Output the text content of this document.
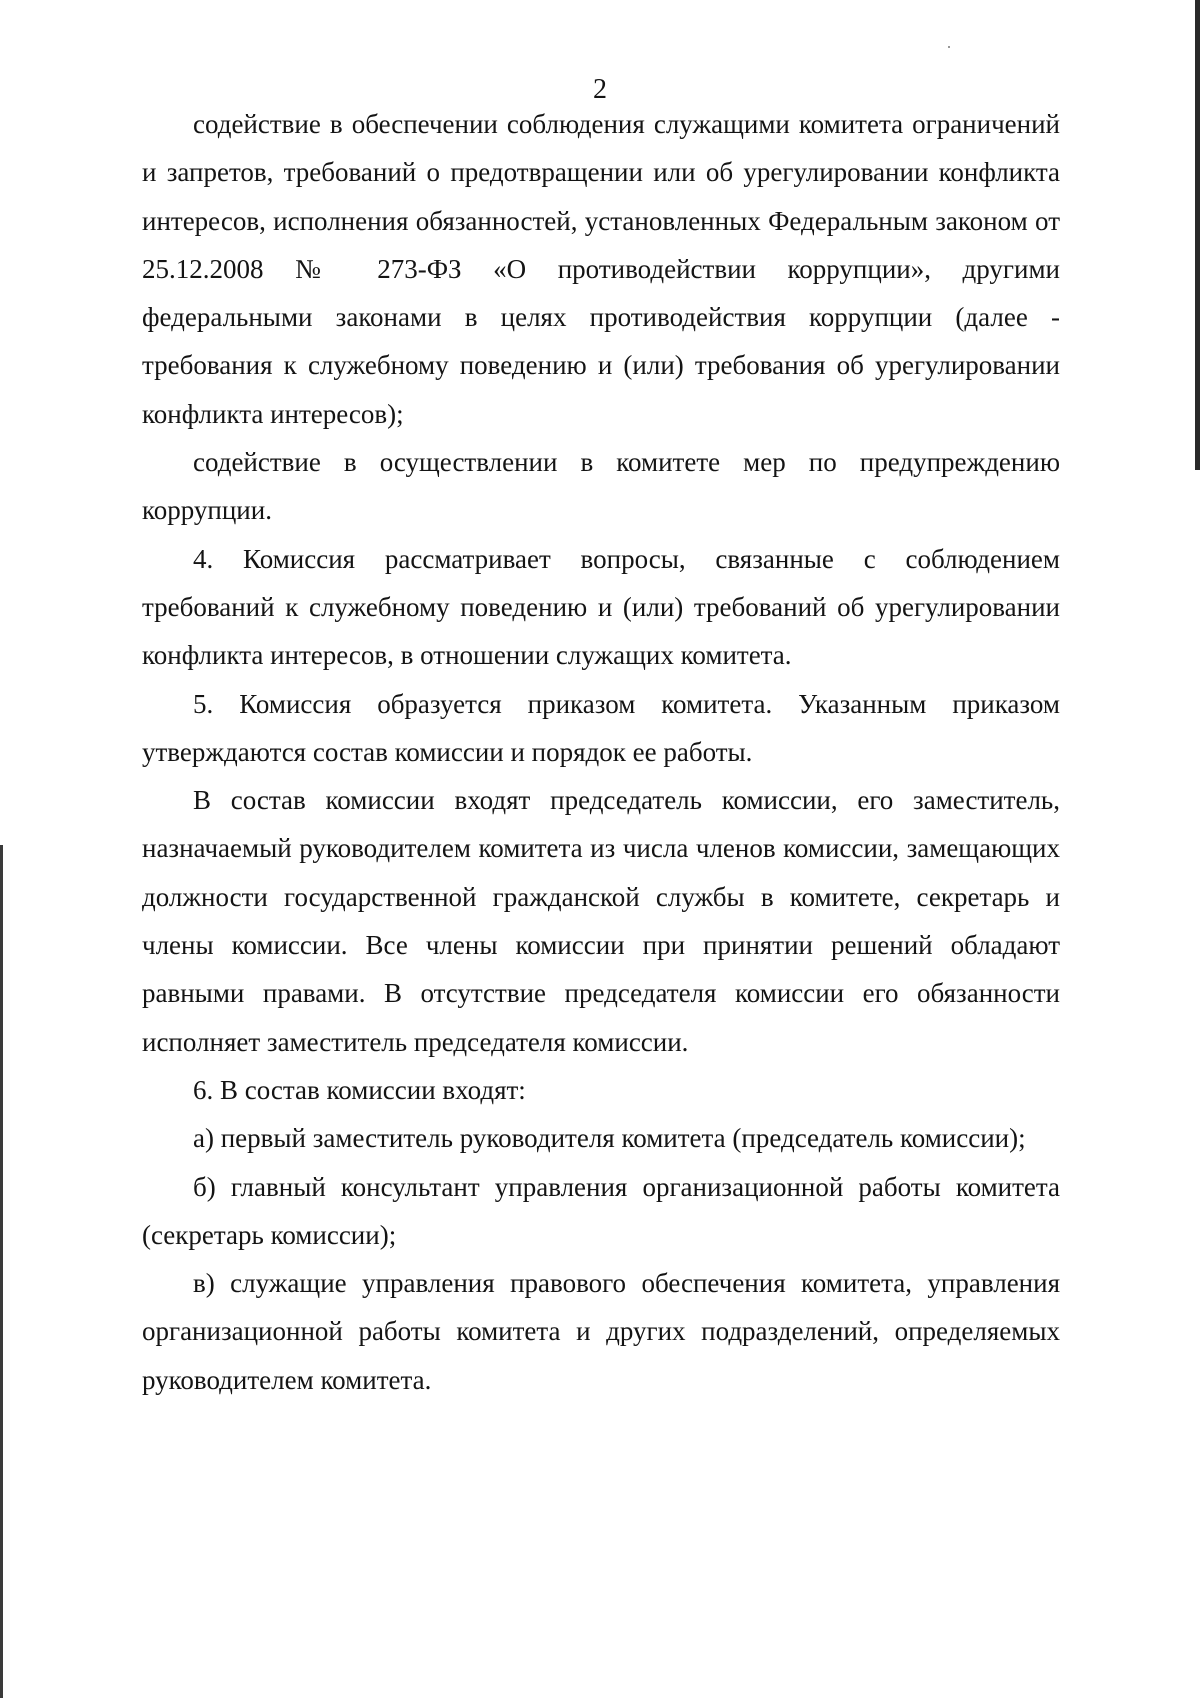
2

содействие в обеспечении соблюдения служащими комитета ограничений и запретов, требований о предотвращении или об урегулировании конфликта интересов, исполнения обязанностей, установленных Федеральным законом от 25.12.2008 № 273-ФЗ «О противодействии коррупции», другими федеральными законами в целях противодействия коррупции (далее - требования к служебному поведению и (или) требования об урегулировании конфликта интересов);

содействие в осуществлении в комитете мер по предупреждению коррупции.

4. Комиссия рассматривает вопросы, связанные с соблюдением требований к служебному поведению и (или) требований об урегулировании конфликта интересов, в отношении служащих комитета.

5. Комиссия образуется приказом комитета. Указанным приказом утверждаются состав комиссии и порядок ее работы.

В состав комиссии входят председатель комиссии, его заместитель, назначаемый руководителем комитета из числа членов комиссии, замещающих должности государственной гражданской службы в комитете, секретарь и члены комиссии. Все члены комиссии при принятии решений обладают равными правами. В отсутствие председателя комиссии его обязанности исполняет заместитель председателя комиссии.

6. В состав комиссии входят:

а) первый заместитель руководителя комитета (председатель комиссии);

б) главный консультант управления организационной работы комитета (секретарь комиссии);

в) служащие управления правового обеспечения комитета, управления организационной работы комитета и других подразделений, определяемых руководителем комитета.
